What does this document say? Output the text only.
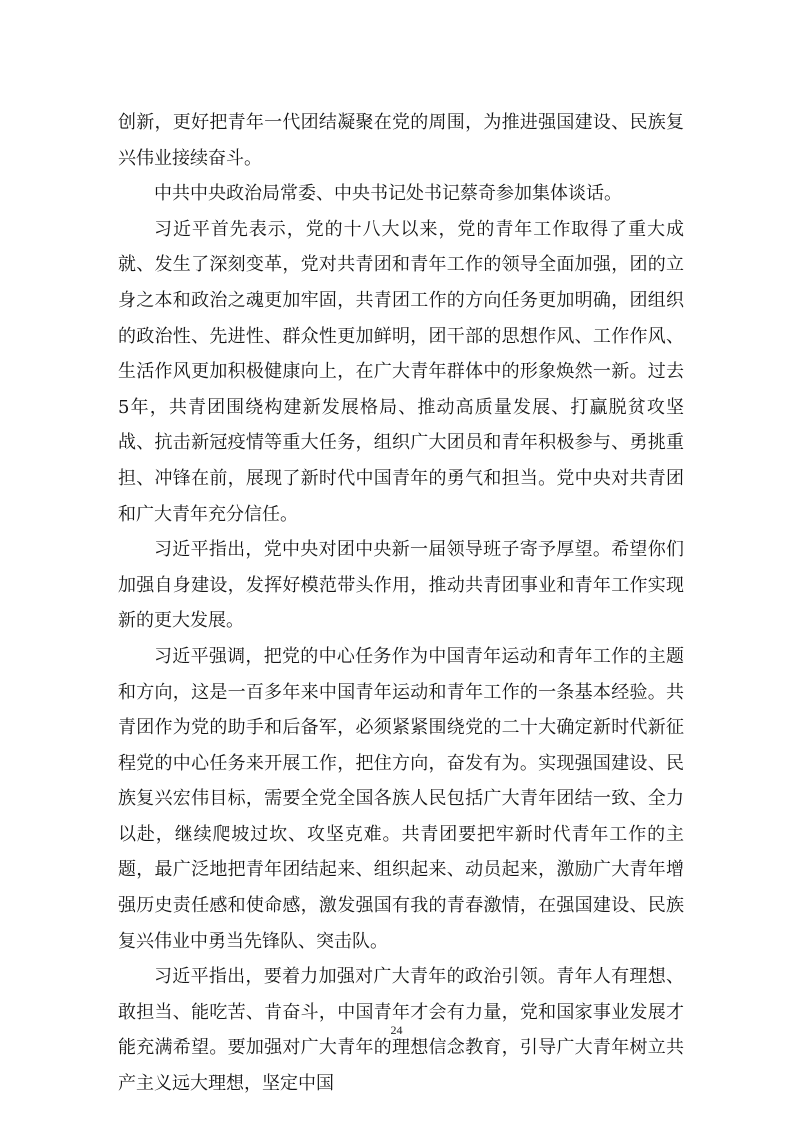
创新，更好把青年一代团结凝聚在党的周围，为推进强国建设、民族复兴伟业接续奋斗。

中共中央政治局常委、中央书记处书记蔡奇参加集体谈话。

习近平首先表示，党的十八大以来，党的青年工作取得了重大成就、发生了深刻变革，党对共青团和青年工作的领导全面加强，团的立身之本和政治之魂更加牢固，共青团工作的方向任务更加明确，团组织的政治性、先进性、群众性更加鲜明，团干部的思想作风、工作作风、生活作风更加积极健康向上，在广大青年群体中的形象焕然一新。过去5年，共青团围绕构建新发展格局、推动高质量发展、打赢脱贫攻坚战、抗击新冠疫情等重大任务，组织广大团员和青年积极参与、勇挑重担、冲锋在前，展现了新时代中国青年的勇气和担当。党中央对共青团和广大青年充分信任。

习近平指出，党中央对团中央新一届领导班子寄予厚望。希望你们加强自身建设，发挥好模范带头作用，推动共青团事业和青年工作实现新的更大发展。

习近平强调，把党的中心任务作为中国青年运动和青年工作的主题和方向，这是一百多年来中国青年运动和青年工作的一条基本经验。共青团作为党的助手和后备军，必须紧紧围绕党的二十大确定新时代新征程党的中心任务来开展工作，把住方向，奋发有为。实现强国建设、民族复兴宏伟目标，需要全党全国各族人民包括广大青年团结一致、全力以赴，继续爬坡过坎、攻坚克难。共青团要把牢新时代青年工作的主题，最广泛地把青年团结起来、组织起来、动员起来，激励广大青年增强历史责任感和使命感，激发强国有我的青春激情，在强国建设、民族复兴伟业中勇当先锋队、突击队。

习近平指出，要着力加强对广大青年的政治引领。青年人有理想、敢担当、能吃苦、肯奋斗，中国青年才会有力量，党和国家事业发展才能充满希望。要加强对广大青年的理想信念教育，引导广大青年树立共产主义远大理想，坚定中国

24
